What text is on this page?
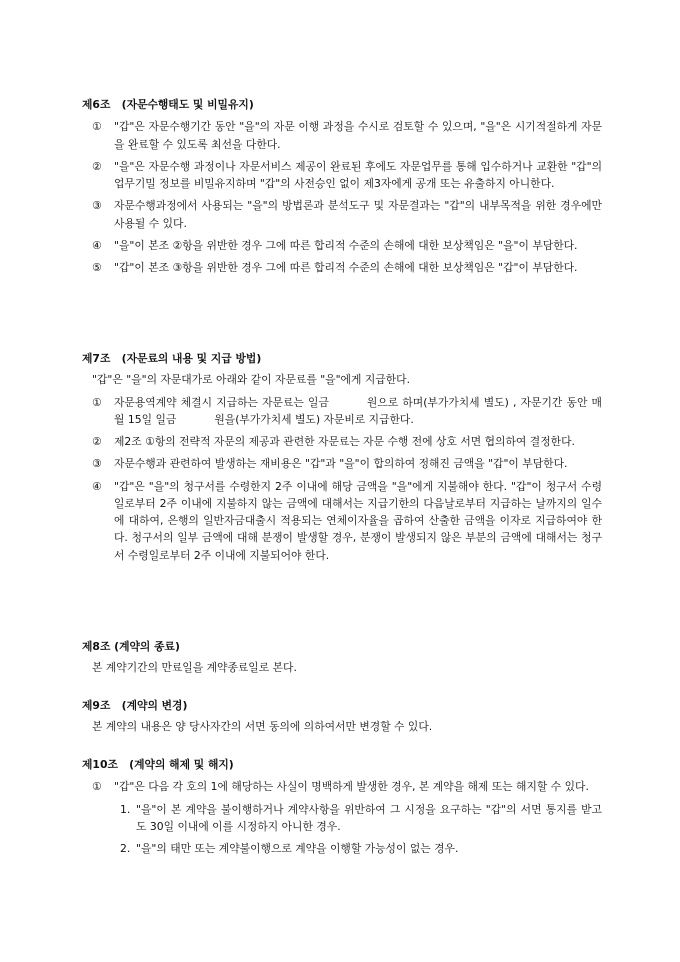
제6조   (자문수행태도 및 비밀유지)

①	"갑"은 자문수행기간 동안 "을"의 자문 이행 과정을 수시로 검토할 수 있으며, "을"은 시기적절하게 자문을 완료할 수 있도록 최선을 다한다.
②	"을"은 자문수행 과정이나 자문서비스 제공이 완료된 후에도 자문업무를 통해 입수하거나 교환한 "갑"의 업무기밀 정보를 비밀유지하며 "갑"의 사전승인 없이 제3자에게 공개 또는 유출하지 아니한다.
③	자문수행과정에서 사용되는 "을"의 방법론과 분석도구 및 자문결과는 "갑"의 내부목적을 위한 경우에만 사용될 수 있다.
④	"을"이 본조 ②항을 위반한 경우 그에 따른 합리적 수준의 손해에 대한 보상책임은 "을"이 부담한다.
⑤	"갑"이 본조 ③항을 위반한 경우 그에 따른 합리적 수준의 손해에 대한 보상책임은 "갑"이 부담한다.

제7조   (자문료의 내용 및 지급 방법)

"갑"은 "을"의 자문대가로 아래와 같이 자문료를 "을"에게 지급한다.

①	자문용역계약 체결시 지급하는 자문료는 일금	원으로 하며(부가가치세 별도) , 자문기간 동안 매월 15일 일금	원을(부가가치세 별도) 자문비로 지급한다.
②	제2조 ①항의 전략적 자문의 제공과 관련한 자문료는 자문 수행 전에 상호 서면 협의하여 결정한다.
③	자문수행과 관련하여 발생하는 재비용은 "갑"과 "을"이 합의하여 정해진 금액을 "갑"이 부담한다.
④	"갑"은 "을"의 청구서를 수령한지 2주 이내에 해당 금액을 "을"에게 지불해야 한다. "갑"이 청구서 수령일로부터 2주 이내에 지불하지 않는 금액에 대해서는 지급기한의 다음날로부터 지급하는 날까지의 일수에 대하여, 은행의 일반자금대출시 적용되는 연체이자율을 곱하여 산출한 금액을 이자로 지급하여야 한다. 청구서의 일부 금액에 대해 분쟁이 발생할 경우, 분쟁이 발생되지 않은 부분의 금액에 대해서는 청구서 수령일로부터 2주 이내에 지불되어야 한다.

제8조 (계약의 종료)

본 계약기간의 만료일을 계약종료일로 본다.

제9조   (계약의 변경)

본 계약의 내용은 양 당사자간의 서면 동의에 의하여서만 변경할 수 있다.

제10조   (계약의 해제 및 해지)

①	"갑"은 다음 각 호의 1에 해당하는 사실이 명백하게 발생한 경우, 본 계약을 해제 또는 해지할 수 있다.
1. "을"이 본 계약을 불이행하거나 계약사항을 위반하여 그 시정을 요구하는 "갑"의 서면 통지를 받고도 30일 이내에 이를 시정하지 아니한 경우.
2. "을"의 태만 또는 계약불이행으로 계약을 이행할 가능성이 없는 경우.
